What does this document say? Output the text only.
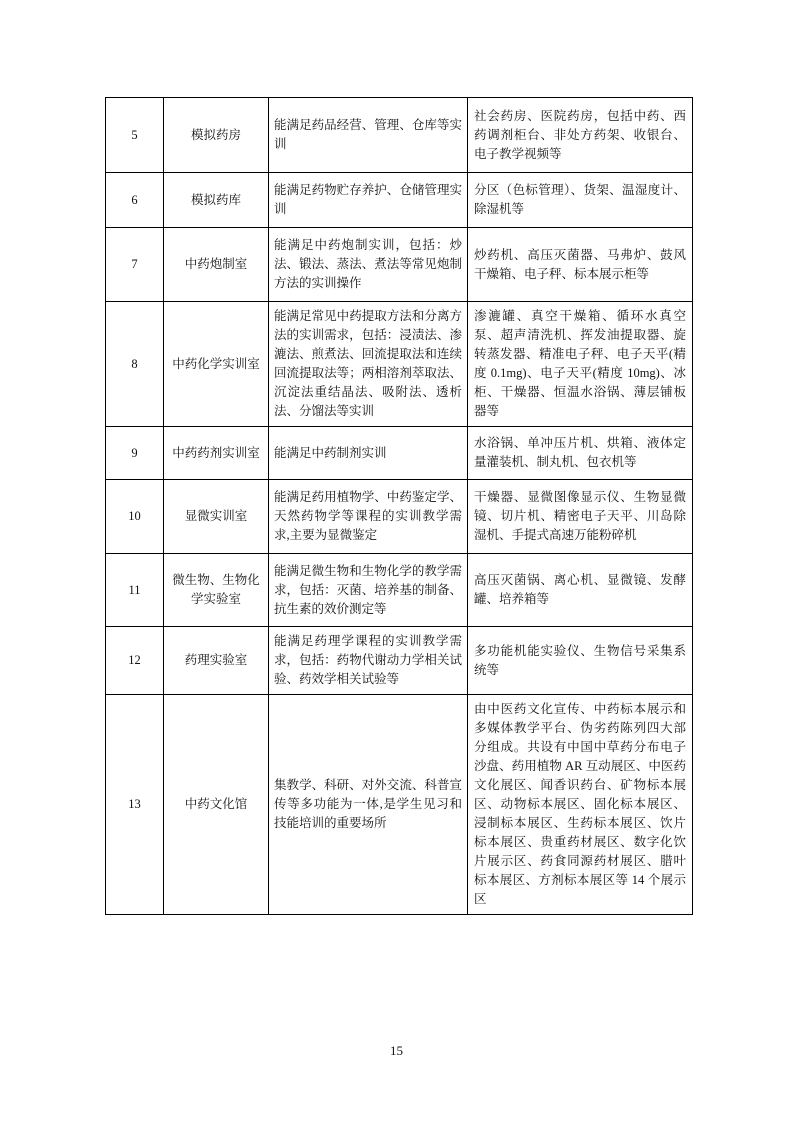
5	模拟药房	能满足药品经营、管理、仓库等实训	社会药房、医院药房，包括中药、西药调剂柜台、非处方药架、收银台、电子教学视频等
6	模拟药库	能满足药物贮存养护、仓储管理实训	分区（色标管理）、货架、温湿度计、除湿机等
7	中药炮制室	能满足中药炮制实训，包括：炒法、锻法、蒸法、煮法等常见炮制方法的实训操作	炒药机、高压灭菌器、马弗炉、鼓风干燥箱、电子秤、标本展示柜等
8	中药化学实训室	能满足常见中药提取方法和分离方法的实训需求，包括：浸渍法、渗漉法、煎煮法、回流提取法和连续回流提取法等；两相溶剂萃取法、沉淀法重结晶法、吸附法、透析法、分馏法等实训	渗漉罐、真空干燥箱、循环水真空泵、超声清洗机、挥发油提取器、旋转蒸发器、精准电子秤、电子天平(精度 0.1mg)、电子天平(精度 10mg)、冰柜、干燥器、恒温水浴锅、薄层铺板器等
9	中药药剂实训室	能满足中药制剂实训	水浴锅、单冲压片机、烘箱、液体定量灌装机、制丸机、包衣机等
10	显微实训室	能满足药用植物学、中药鉴定学、天然药物学等课程的实训教学需求,主要为显微鉴定	干燥器、显微图像显示仪、生物显微镜、切片机、精密电子天平、川岛除湿机、手提式高速万能粉碎机
11	微生物、生物化学实验室	能满足微生物和生物化学的教学需求，包括：灭菌、培养基的制备、抗生素的效价测定等	高压灭菌锅、离心机、显微镜、发酵罐、培养箱等
12	药理实验室	能满足药理学课程的实训教学需求，包括：药物代谢动力学相关试验、药效学相关试验等	多功能机能实验仪、生物信号采集系统等
13	中药文化馆	集教学、科研、对外交流、科普宣传等多功能为一体,是学生见习和技能培训的重要场所	由中医药文化宣传、中药标本展示和多媒体教学平台、伪劣药陈列四大部分组成。共设有中国中草药分布电子沙盘、药用植物 AR 互动展区、中医药文化展区、闻香识药台、矿物标本展区、动物标本展区、固化标本展区、浸制标本展区、生药标本展区、饮片标本展区、贵重药材展区、数字化饮片展示区、药食同源药材展区、腊叶标本展区、方剂标本展区等 14 个展示区
15
